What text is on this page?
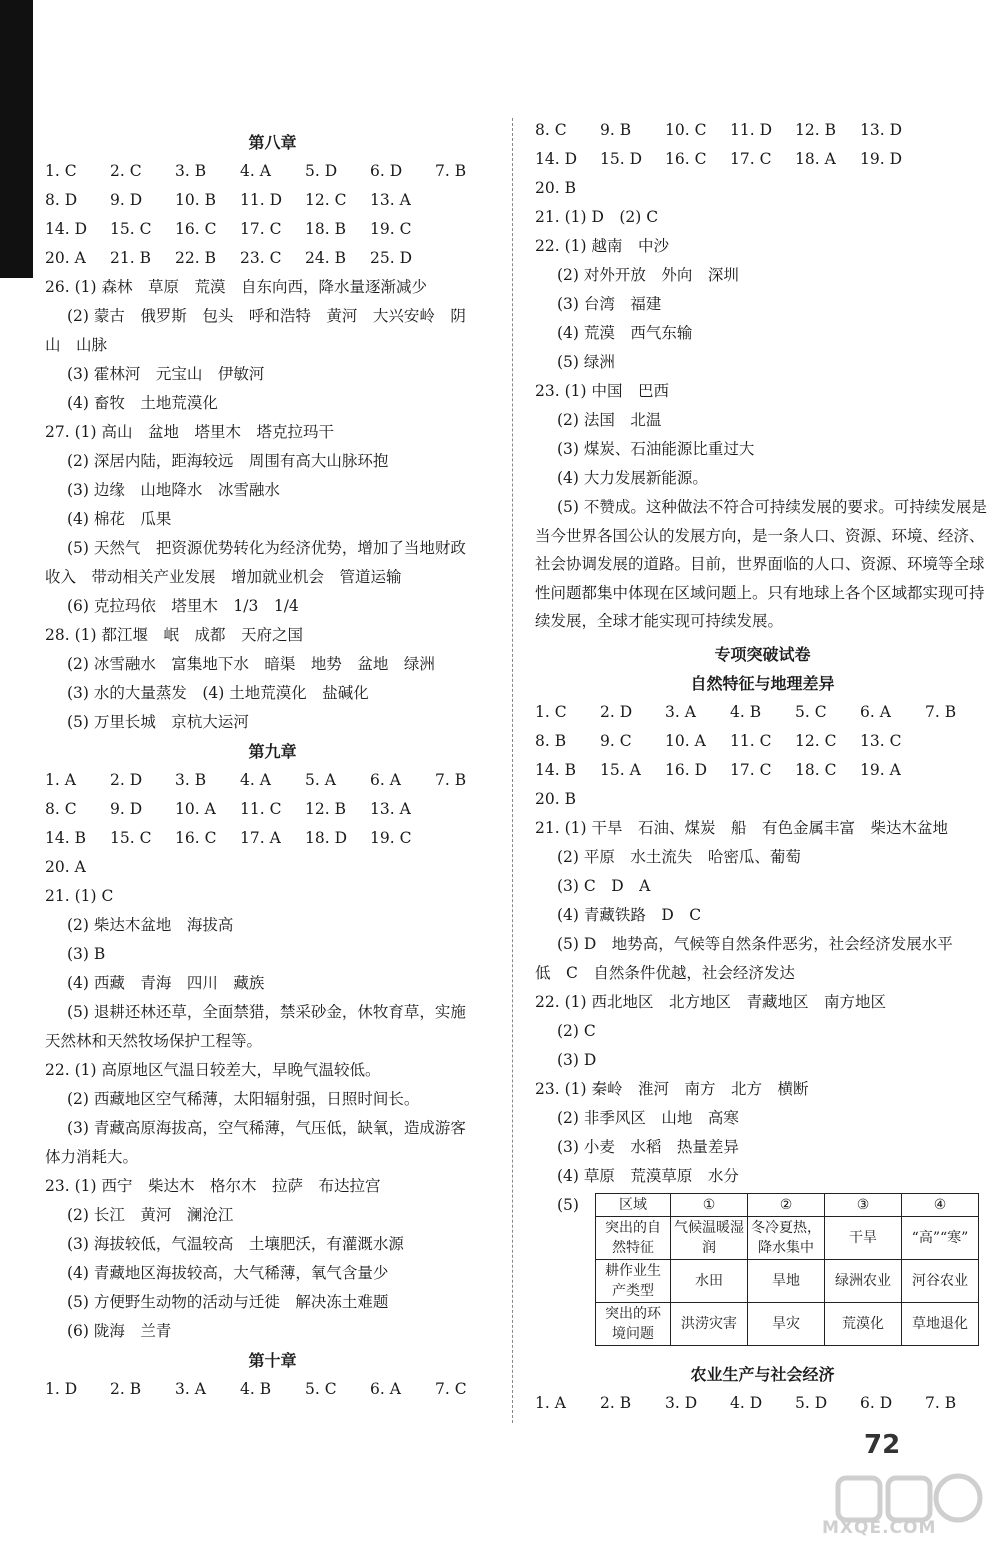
第八章
1. C	2. C	3. B	4. A	5. D	6. D	7. B
8. D	9. D	10. B	11. D	12. C	13. A
14. D	15. C	16. C	17. C	18. B	19. C
20. A	21. B	22. B	23. C	24. B	25. D
26. (1) 森林　草原　荒漠　自东向西，降水量逐渐减少
(2) 蒙古　俄罗斯　包头　呼和浩特　黄河　大兴安岭　阴
山　山脉
(3) 霍林河　元宝山　伊敏河
(4) 畜牧　土地荒漠化
27. (1) 高山　盆地　塔里木　塔克拉玛干
(2) 深居内陆，距海较远　周围有高大山脉环抱
(3) 边缘　山地降水　冰雪融水
(4) 棉花　瓜果
(5) 天然气　把资源优势转化为经济优势，增加了当地财政
收入　带动相关产业发展　增加就业机会　管道运输
(6) 克拉玛依　塔里木　1/3　1/4
28. (1) 都江堰　岷　成都　天府之国
(2) 冰雪融水　富集地下水　暗渠　地势　盆地　绿洲
(3) 水的大量蒸发　(4) 土地荒漠化　盐碱化
(5) 万里长城　京杭大运河
第九章
1. A	2. D	3. B	4. A	5. A	6. A	7. B
8. C	9. D	10. A	11. C	12. B	13. A
14. B	15. C	16. C	17. A	18. D	19. C
20. A
21. (1) C
(2) 柴达木盆地　海拔高
(3) B
(4) 西藏　青海　四川　藏族
(5) 退耕还林还草，全面禁猎，禁采砂金，休牧育草，实施
天然林和天然牧场保护工程等。
22. (1) 高原地区气温日较差大，早晚气温较低。
(2) 西藏地区空气稀薄，太阳辐射强，日照时间长。
(3) 青藏高原海拔高，空气稀薄，气压低，缺氧，造成游客
体力消耗大。
23. (1) 西宁　柴达木　格尔木　拉萨　布达拉宫
(2) 长江　黄河　澜沧江
(3) 海拔较低，气温较高　土壤肥沃，有灌溉水源
(4) 青藏地区海拔较高，大气稀薄，氧气含量少
(5) 方便野生动物的活动与迁徙　解决冻土难题
(6) 陇海　兰青
第十章
1. D	2. B	3. A	4. B	5. C	6. A	7. C
8. C	9. B	10. C	11. D	12. B	13. D
14. D	15. D	16. C	17. C	18. A	19. D
20. B
21. (1) D　(2) C
22. (1) 越南　中沙
(2) 对外开放　外向　深圳
(3) 台湾　福建
(4) 荒漠　西气东输
(5) 绿洲
23. (1) 中国　巴西
(2) 法国　北温
(3) 煤炭、石油能源比重过大
(4) 大力发展新能源。
(5) 不赞成。这种做法不符合可持续发展的要求。可持续发展是当今世界各国公认的发展方向，是一条人口、资源、环境、经济、社会协调发展的道路。目前，世界面临的人口、资源、环境等全球性问题都集中体现在区域问题上。只有地球上各个区域都实现可持续发展，全球才能实现可持续发展。
专项突破试卷
自然特征与地理差异
1. C	2. D	3. A	4. B	5. C	6. A	7. B
8. B	9. C	10. A	11. C	12. C	13. C
14. B	15. A	16. D	17. C	18. C	19. A
20. B
21. (1) 干旱　石油、煤炭　船　有色金属丰富　柴达木盆地
(2) 平原　水土流失　哈密瓜、葡萄
(3) C　D　A
(4) 青藏铁路　D　C
(5) D　地势高，气候等自然条件恶劣，社会经济发展水平
低　C　自然条件优越，社会经济发达
22. (1) 西北地区　北方地区　青藏地区　南方地区
(2) C
(3) D
23. (1) 秦岭　淮河　南方　北方　横断
(2) 非季风区　山地　高寒
(3) 小麦　水稻　热量差异
(4) 草原　荒漠草原　水分
(5)	区域	①	②	③	④
突出的自然特征	气候温暖湿润	冬冷夏热，降水集中	干旱	“高”“寒”
耕作业生产类型	水田	旱地	绿洲农业	河谷农业
突出的环境问题	洪涝灾害	旱灾	荒漠化	草地退化
农业生产与社会经济
1. A	2. B	3. D	4. D	5. D	6. D	7. B
72
MXQE.COM
